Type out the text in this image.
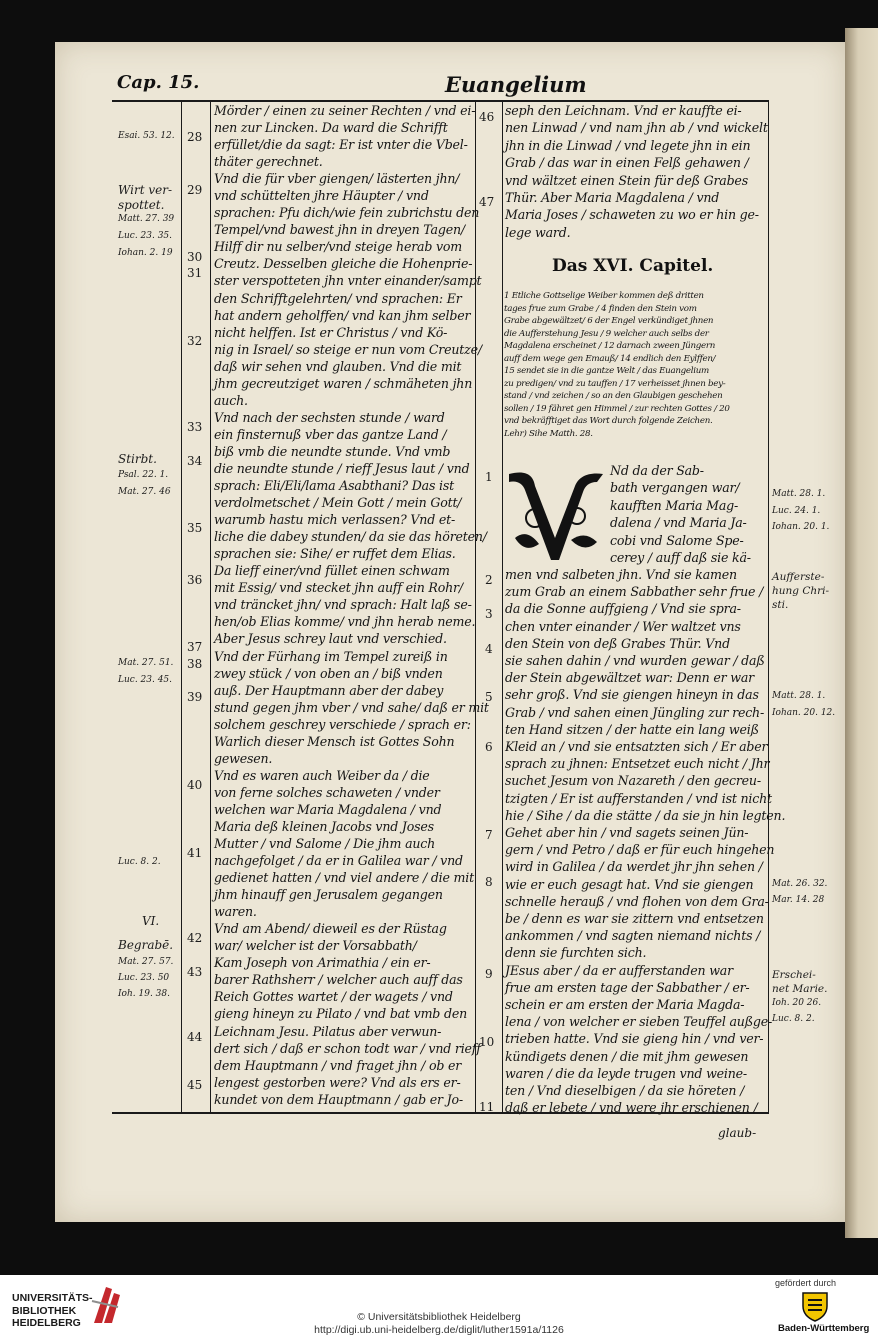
Cap. 15.	Euangelium
Mörder / einen zu seiner Rechten / vnd ei-
nen zur Lincken. Da ward die Schrifft
erfüllet/die da sagt: Er ist vnter die Vbel-
thäter gerechnet.
Vnd die für vber giengen/ lästerten jhn/
vnd schüttelten jhre Häupter / vnd
sprachen: Pfu dich/wie fein zubrichstu den
Tempel/vnd bawest jhn in dreyen Tagen/
Hilff dir nu selber/vnd steige herab vom
Creutz. Desselben gleiche die Hohenprie-
ster verspotteten jhn vnter einander/sampt
den Schrifftgelehrten/ vnd sprachen: Er
hat andern geholffen/ vnd kan jhm selber
nicht helffen. Ist er Christus / vnd Kö-
nig in Israel/ so steige er nun vom Creutze/
daß wir sehen vnd glauben. Vnd die mit
jhm gecreutziget waren / schmäheten jhn
auch.
Vnd nach der sechsten stunde / ward
ein finsternuß vber das gantze Land /
biß vmb die neundte stunde. Vnd vmb
die neundte stunde / rieff Jesus laut / vnd
sprach: Eli/Eli/lama Asabthani? Das ist
verdolmetschet / Mein Gott / mein Gott/
warumb hastu mich verlassen? Vnd et-
liche die dabey stunden/ da sie das höreten/
sprachen sie: Sihe/ er ruffet dem Elias.
Da lieff einer/vnd füllet einen schwam
mit Essig/ vnd stecket jhn auff ein Rohr/
vnd träncket jhn/ vnd sprach: Halt laß se-
hen/ob Elias komme/ vnd jhn herab neme.
Aber Jesus schrey laut vnd verschied.
Vnd der Fürhang im Tempel zureiß in
zwey stück / von oben an / biß vnden
auß. Der Hauptmann aber der dabey
stund gegen jhm vber / vnd sahe/ daß er mit
solchem geschrey verschiede / sprach er:
Warlich dieser Mensch ist Gottes Sohn
gewesen.
Vnd es waren auch Weiber da / die
von ferne solches schaweten / vnder
welchen war Maria Magdalena / vnd
Maria deß kleinen Jacobs vnd Joses
Mutter / vnd Salome / Die jhm auch
nachgefolget / da er in Galilea war / vnd
gedienet hatten / vnd viel andere / die mit
jhm hinauff gen Jerusalem gegangen
waren.
Vnd am Abend/ dieweil es der Rüstag
war/ welcher ist der Vorsabbath/
Kam Joseph von Arimathia / ein er-
barer Rathsherr / welcher auch auff das
Reich Gottes wartet / der wagets / vnd
gieng hineyn zu Pilato / vnd bat vmb den
Leichnam Jesu. Pilatus aber verwun-
dert sich / daß er schon todt war / vnd rieff
dem Hauptmann / vnd fraget jhn / ob er
lengest gestorben were? Vnd als ers er-
kundet von dem Hauptmann / gab er Jo-
seph den Leichnam. Vnd er kauffte ei-
nen Linwad / vnd nam jhn ab / vnd wickelt
jhn in die Linwad / vnd legete jhn in ein
Grab / das war in einen Felß gehawen /
vnd wältzet einen Stein für deß Grabes
Thür. Aber Maria Magdalena / vnd
Maria Joses / schaweten zu wo er hin ge-
lege ward.
Das XVI. Capitel.
1 Etliche Gottselige Weiber kommen deß dritten
tages frue zum Grabe / 4 finden den Stein vom
Grabe abgewältzet/ 6 der Engel verkündiget jhnen
die Aufferstehung Jesu / 9 welcher auch selbs der
Magdalena erscheinet / 12 darnach zween Jüngern
auff dem wege gen Emauß/ 14 endlich den Eylffen/
15 sendet sie in die gantze Welt / das Euangelium
zu predigen/ vnd zu tauffen / 17 verheisset jhnen bey-
stand / vnd zeichen / so an den Glaubigen geschehen
sollen / 19 fähret gen Himmel / zur rechten Gottes / 20
vnd bekräfftiget das Wort durch folgende Zeichen.
Lehr) Sihe Matth. 28.
V
Nd da der Sab-
bath vergangen war/
kaufften Maria Mag-
dalena / vnd Maria Ja-
cobi vnd Salome Spe-
cerey / auff daß sie kä-
men vnd salbeten jhn. Vnd sie kamen
zum Grab an einem Sabbather sehr frue /
da die Sonne auffgieng / Vnd sie spra-
chen vnter einander / Wer waltzet vns
den Stein von deß Grabes Thür. Vnd
sie sahen dahin / vnd wurden gewar / daß
der Stein abgewältzet war: Denn er war
sehr groß. Vnd sie giengen hineyn in das
Grab / vnd sahen einen Jüngling zur rech-
ten Hand sitzen / der hatte ein lang weiß
Kleid an / vnd sie entsatzten sich / Er aber
sprach zu jhnen: Entsetzet euch nicht / Jhr
suchet Jesum von Nazareth / den gecreu-
tzigten / Er ist aufferstanden / vnd ist nicht
hie / Sihe / da die stätte / da sie jn hin legten.
Gehet aber hin / vnd sagets seinen Jün-
gern / vnd Petro / daß er für euch hingehen
wird in Galilea / da werdet jhr jhn sehen /
wie er euch gesagt hat. Vnd sie giengen
schnelle herauß / vnd flohen von dem Gra-
be / denn es war sie zittern vnd entsetzen
ankommen / vnd sagten niemand nichts /
denn sie furchten sich.
JEsus aber / da er aufferstanden war
frue am ersten tage der Sabbather / er-
schein er am ersten der Maria Magda-
lena / von welcher er sieben Teuffel außge-
trieben hatte. Vnd sie gieng hin / vnd ver-
kündigets denen / die mit jhm gewesen
waren / die da leyde trugen vnd weine-
ten / Vnd dieselbigen / da sie höreten /
daß er lebete / vnd were jhr erschienen /
glaub-
Esai. 53. 12.
Wirt ver-
spottet.
Matt. 27. 39
Luc. 23. 35.
Iohan. 2. 19
Stirbt.
Psal. 22. 1.
Mat. 27. 46
Mat. 27. 51.
Luc. 23. 45.
Luc. 8. 2.
VI.
Begrabē.
Mat. 27. 57.
Luc. 23. 50
Ioh. 19. 38.
Matt. 28. 1.
Luc. 24. 1.
Iohan. 20. 1.
Aufferste-
hung Chri-
sti.
Matt. 28. 1.
Iohan. 20. 12.
Mat. 26. 32.
Mar. 14. 28
Erschei-
net Marie.
Ioh. 20 26.
Luc. 8. 2.
28
29
30
31
32
33
34
35
36
37
38
39
40
41
42
43
44
45
46
47
1
2
3
4
5
6
7
8
9
10
11
UNIVERSITÄTS-
BIBLIOTHEK
HEIDELBERG	© Universitätsbibliothek Heidelberg
http://digi.ub.uni-heidelberg.de/diglit/luther1591a/1126
gefördert durch
Baden-Württemberg
